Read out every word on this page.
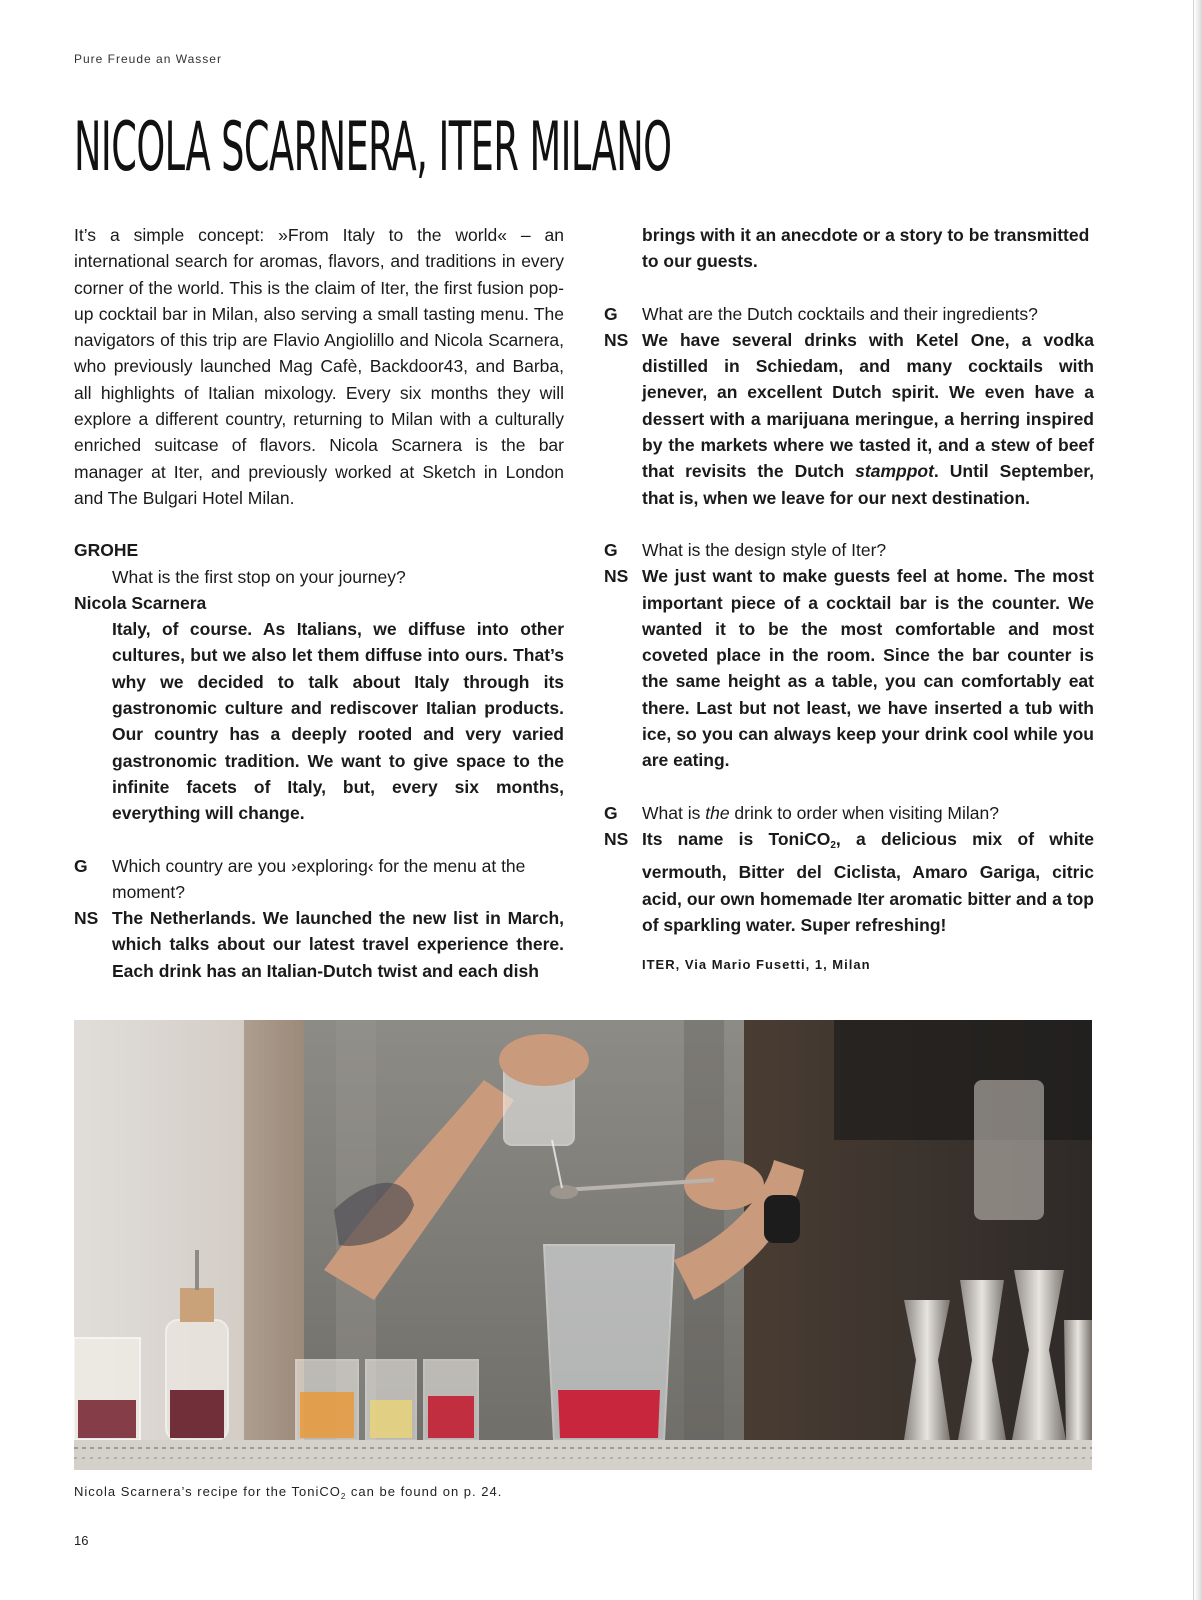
Pure Freude an Wasser
NICOLA SCARNERA, ITER MILANO

It’s a simple concept: »From Italy to the world« – an international search for aromas, flavors, and traditions in every corner of the world. This is the claim of Iter, the first fusion pop-up cocktail bar in Milan, also serving a small tasting menu. The navigators of this trip are Flavio Angiolillo and Nicola Scarnera, who previously launched Mag Cafè, Backdoor43, and Barba, all highlights of Italian mixology. Every six months they will explore a different country, returning to Milan with a culturally enriched suitcase of flavors. Nicola Scarnera is the bar manager at Iter, and previously worked at Sketch in London and The Bulgari Hotel Milan.

GROHE

What is the first stop on your journey?

Nicola Scarnera

Italy, of course. As Italians, we diffuse into other cultures, but we also let them diffuse into ours. That’s why we decided to talk about Italy through its gastronomic culture and rediscover Italian products. Our country has a deeply rooted and very varied gastronomic tradition. We want to give space to the infinite facets of Italy, but, every six months, everything will change.

G	Which country are you ›exploring‹ for the menu at the moment?
NS The Netherlands. We launched the new list in March, which talks about our latest travel experience there. Each drink has an Italian-Dutch twist and each dish
brings with it an anecdote or a story to be transmitted to our guests.
G	What are the Dutch cocktails and their ingredients?
NS We have several drinks with Ketel One, a vodka distilled in Schiedam, and many cocktails with jenever, an excellent Dutch spirit. We even have a dessert with a marijuana meringue, a herring inspired by the markets where we tasted it, and a stew of beef that revisits the Dutch stamppot. Until September, that is, when we leave for our next destination.
G	What is the design style of Iter?
NS We just want to make guests feel at home. The most important piece of a cocktail bar is the counter. We wanted it to be the most comfortable and most coveted place in the room. Since the bar counter is the same height as a table, you can comfortably eat there. Last but not least, we have inserted a tub with ice, so you can always keep your drink cool while you are eating.
G	What is the drink to order when visiting Milan?
NS Its name is ToniCO$_2$, a delicious mix of white vermouth, Bitter del Ciclista, Amaro Gariga, citric acid, our own homemade Iter aromatic bitter and a top of sparkling water. Super refreshing!
ITER, Via Mario Fusetti, 1, Milan
Nicola Scarnera’s recipe for the ToniCO$_2$ can be found on p. 24.
16
